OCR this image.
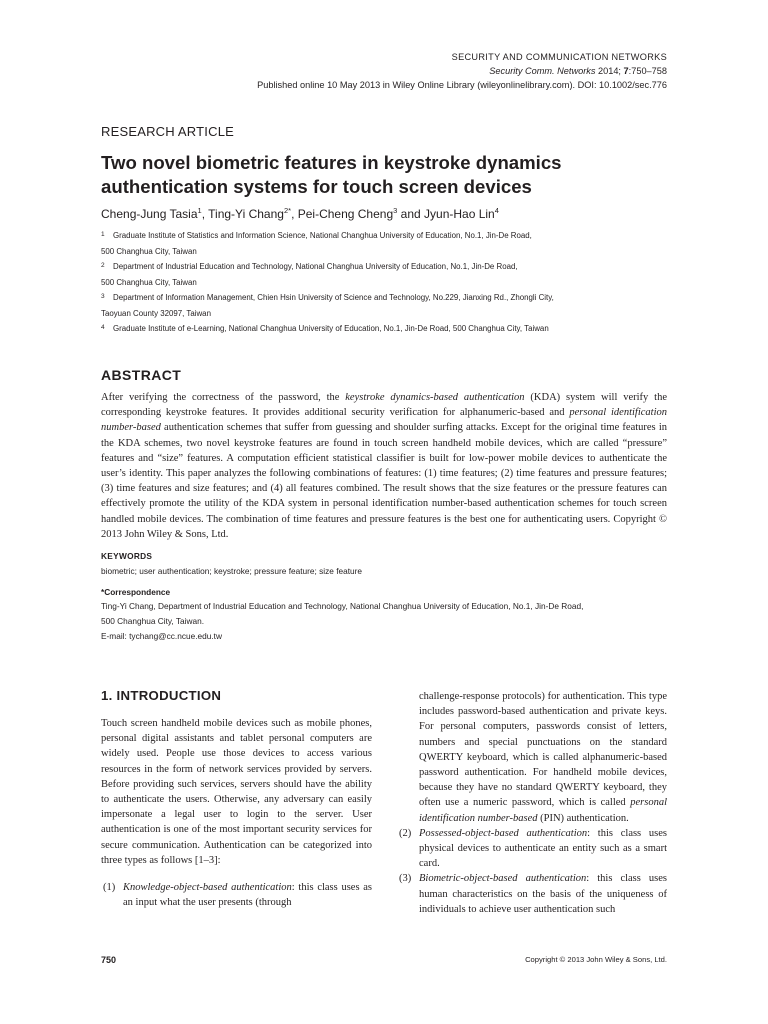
SECURITY AND COMMUNICATION NETWORKS
Security Comm. Networks 2014; 7:750–758
Published online 10 May 2013 in Wiley Online Library (wileyonlinelibrary.com). DOI: 10.1002/sec.776
RESEARCH ARTICLE
Two novel biometric features in keystroke dynamics authentication systems for touch screen devices
Cheng-Jung Tasia$^1$, Ting-Yi Chang$^{2*}$, Pei-Cheng Cheng$^3$ and Jyun-Hao Lin$^4$
1 Graduate Institute of Statistics and Information Science, National Changhua University of Education, No.1, Jin-De Road,
500 Changhua City, Taiwan
2 Department of Industrial Education and Technology, National Changhua University of Education, No.1, Jin-De Road,
500 Changhua City, Taiwan
3 Department of Information Management, Chien Hsin University of Science and Technology, No.229, Jianxing Rd., Zhongli City,
Taoyuan County 32097, Taiwan
4 Graduate Institute of e-Learning, National Changhua University of Education, No.1, Jin-De Road, 500 Changhua City, Taiwan
ABSTRACT
After verifying the correctness of the password, the keystroke dynamics-based authentication (KDA) system will verify the corresponding keystroke features. It provides additional security verification for alphanumeric-based and personal identification number-based authentication schemes that suffer from guessing and shoulder surfing attacks. Except for the original time features in the KDA schemes, two novel keystroke features are found in touch screen handheld mobile devices, which are called “pressure” features and “size” features. A computation efficient statistical classifier is built for low-power mobile devices to authenticate the user’s identity. This paper analyzes the following combinations of features: (1) time features; (2) time features and pressure features; (3) time features and size features; and (4) all features combined. The result shows that the size features or the pressure features can effectively promote the utility of the KDA system in personal identification number-based authentication schemes for touch screen handled mobile devices. The combination of time features and pressure features is the best one for authenticating users. Copyright © 2013 John Wiley & Sons, Ltd.
KEYWORDS
biometric; user authentication; keystroke; pressure feature; size feature
*Correspondence
Ting-Yi Chang, Department of Industrial Education and Technology, National Changhua University of Education, No.1, Jin-De Road,
500 Changhua City, Taiwan.
E-mail: tychang@cc.ncue.edu.tw
1. INTRODUCTION
Touch screen handheld mobile devices such as mobile phones, personal digital assistants and tablet personal computers are widely used. People use those devices to access various resources in the form of network services provided by servers. Before providing such services, servers should have the ability to authenticate the users. Otherwise, any adversary can easily impersonate a legal user to login to the server. User authentication is one of the most important security services for secure communication. Authentication can be categorized into three types as follows [1–3]:
(1) Knowledge-object-based authentication: this class uses as an input what the user presents (through
challenge-response protocols) for authentication. This type includes password-based authentication and private keys. For personal computers, passwords consist of letters, numbers and special punctuations on the standard QWERTY keyboard, which is called alphanumeric-based password authentication. For handheld mobile devices, because they have no standard QWERTY keyboard, they often use a numeric password, which is called personal identification number-based (PIN) authentication.
(2) Possessed-object-based authentication: this class uses physical devices to authenticate an entity such as a smart card.
(3) Biometric-object-based authentication: this class uses human characteristics on the basis of the uniqueness of individuals to achieve user authentication such
750	Copyright © 2013 John Wiley & Sons, Ltd.
